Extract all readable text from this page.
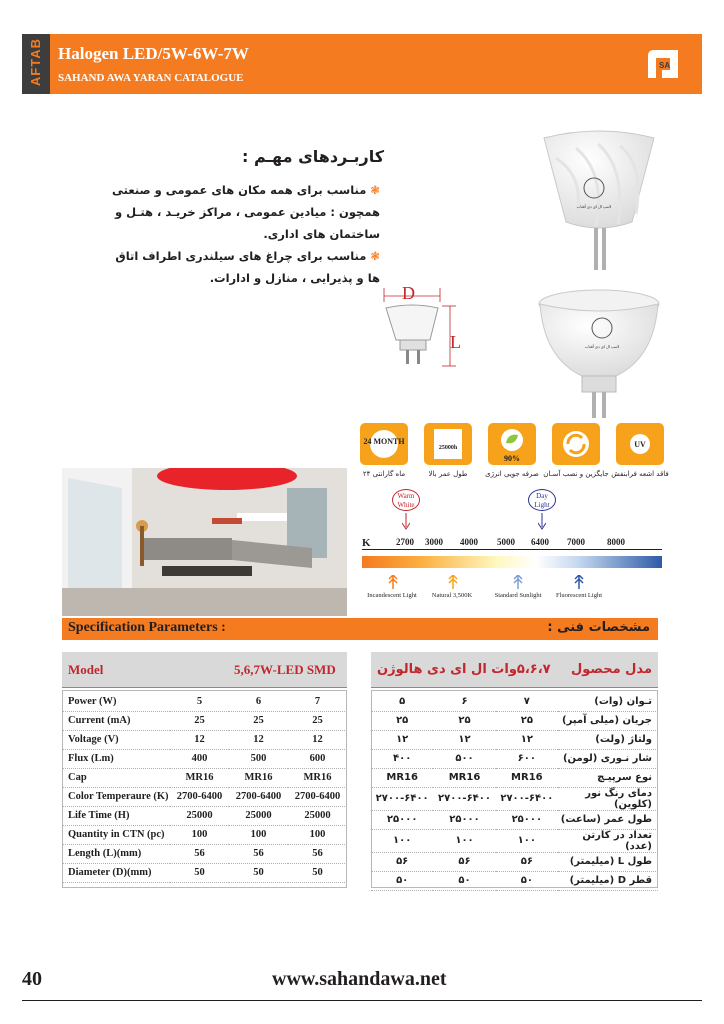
AFTAB Halogen LED/5W-6W-7W
SAHAND AWA YARAN CATALOGUE
SA
کاربـردهای مهـم :
❃ مناسب برای همه مکان های عمومی و صنعتی همچون : میادین عمومی ، مراکز خریـد ، هتـل و ساختمان های اداری.
❃ مناسب برای چراغ های سیلندری اطراف اتاق ها و پذیرایی ، منازل و ادارات.
لامپ ال ای دی آفتاب
لامپ ال ای دی آفتاب
D
L
24 MONTH
۲۴ ماه گارانتی
25000h
طول عمر بالا
90%
صرفه جویی انرژی جایگزین و نصب آسـان
UV
فاقد اشعه فرابنفش
Warm White
Day Light
K	2700 3000 4000 5000 6400 7000 8000
Incandescent Light	Natural 3,500K	Standard Sunlight	Fluorescent Light
Specification Parameters :	مشخصات فنی :
Model	5,6,7W-LED SMD	مدل محصول
۵،۶،۷وات ال ای دی هالوژن
Power (W)	5	6	7
Current (mA)	25	25	25
Voltage (V)	12	12	12
Flux (Lm)	400	500	600
Cap	MR16	MR16	MR16
Color Temperaure (K)	2700-6400	2700-6400	2700-6400
Life Time (H)	25000	25000	25000
Quantity in CTN (pc)	100	100	100
Length (L)(mm)	56	56	56
Diameter (D)(mm)	50	50	50
تـوان (وات)	۷	۶	۵
جریان (میلی آمپر)	۲۵	۲۵	۲۵
ولتاژ (ولت)	۱۲	۱۲	۱۲
شار نـوری (لومن)	۶۰۰	۵۰۰	۴۰۰
نوع سرپیـچ	MR16	MR16	MR16
دمای رنگ نور (کلوین)	۲۷۰۰-۶۴۰۰	۲۷۰۰-۶۴۰۰	۲۷۰۰-۶۴۰۰
طول عمر (ساعت)	۲۵۰۰۰	۲۵۰۰۰	۲۵۰۰۰
تعداد در کارتن (عدد)	۱۰۰	۱۰۰	۱۰۰
طول L (میلیمتر)	۵۶	۵۶	۵۶
قطر D (میلیمتر)	۵۰	۵۰	۵۰
40	www.sahandawa.net
